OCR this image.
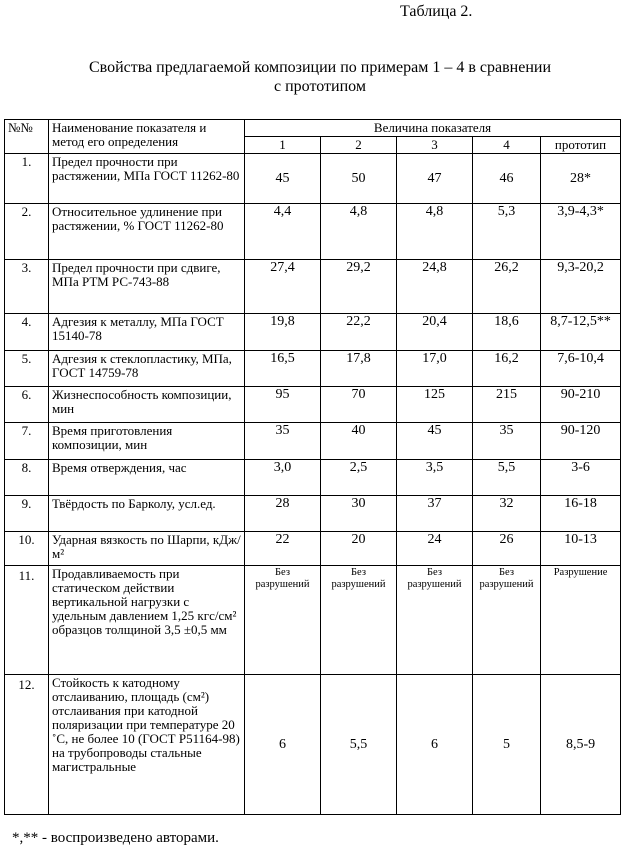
Таблица 2.
Свойства предлагаемой композиции по примерам 1 – 4 в сравнении
с прототипом
№№	Наименование показателя и метод его определения	Величина показателя				
		1	2	3	4	прототип
1.	Предел прочности при растяжении, МПа ГОСТ 11262-80	45	50	47	46	28*
2.	Относительное удлинение при растяжении, % ГОСТ 11262-80	4,4	4,8	4,8	5,3	3,9-4,3*
3.	Предел прочности при сдвиге, МПа РТМ РС-743-88	27,4	29,2	24,8	26,2	9,3-20,2
4.	Адгезия к металлу, МПа ГОСТ 15140-78	19,8	22,2	20,4	18,6	8,7-12,5**
5.	Адгезия к стеклопластику, МПа, ГОСТ 14759-78	16,5	17,8	17,0	16,2	7,6-10,4
6.	Жизнеспособность композиции, мин	95	70	125	215	90-210
7.	Время приготовления композиции, мин	35	40	45	35	90-120
8.	Время отверждения, час	3,0	2,5	3,5	5,5	3-6
9.	Твёрдость по Барколу, усл.ед.	28	30	37	32	16-18
10.	Ударная вязкость по Шарпи, кДж/м²	22	20	24	26	10-13
11.	Продавливаемость при статическом действии вертикальной нагрузки с удельным давлением 1,25 кгс/см² образцов толщиной 3,5 ±0,5 мм	Без разрушений	Без разрушений	Без разрушений	Без разрушений	Разрушение
12.	Стойкость к катодному отслаиванию, площадь (см²) отслаивания при катодной поляризации при температуре 20 ˚С, не более 10 (ГОСТ Р51164-98) на трубопроводы стальные магистральные	6	5,5	6	5	8,5-9
*,** - воспроизведено авторами.
